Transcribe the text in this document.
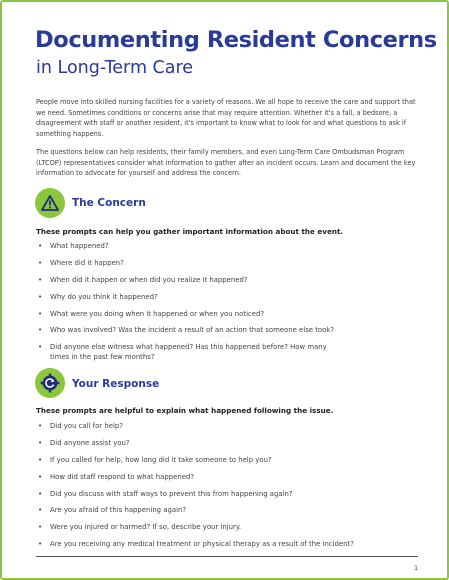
Documenting Resident Concerns
in Long-Term Care

People move into skilled nursing facilities for a variety of reasons. We all hope to receive the care and support that we need. Sometimes conditions or concerns arise that may require attention. Whether it's a fall, a bedsore, a disagreement with staff or another resident, it's important to know what to look for and what questions to ask if something happens.

The questions below can help residents, their family members, and even Long-Term Care Ombudsman Program (LTCOP) representatives consider what information to gather after an incident occurs. Learn and document the key information to advocate for yourself and address the concern.

The Concern
These prompts can help you gather important information about the event.
• What happened?
• Where did it happen?
• When did it happen or when did you realize it happened?
• Why do you think it happened?
• What were you doing when it happened or when you noticed?
• Who was involved? Was the incident a result of an action that someone else took?
• Did anyone else witness what happened? Has this happened before? How many times in the past few months?
Your Response
These prompts are helpful to explain what happened following the issue.
• Did you call for help?
• Did anyone assist you?
• If you called for help, how long did it take someone to help you?
• How did staff respond to what happened?
• Did you discuss with staff ways to prevent this from happening again?
• Are you afraid of this happening again?
• Were you injured or harmed? If so, describe your injury.
• Are you receiving any medical treatment or physical therapy as a result of the incident?
1
